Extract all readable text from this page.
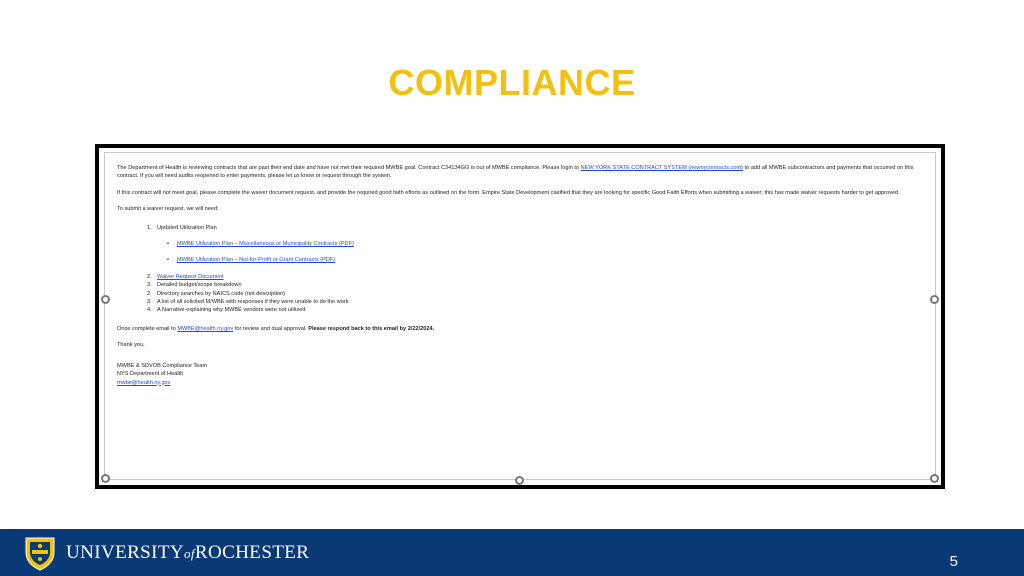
COMPLIANCE

The Department of Health is reviewing contracts that are past their end date and have not met their required MWBE goal. Contract C34134GG is out of MWBE compliance. Please login to NEW YORK STATE CONTRACT SYSTEM (newnycontracts.com) to add all MWBE subcontractors and payments that occurred on this contract. If you will need audits reopened to enter payments, please let us know or request through the system.

If this contract will not meet goal, please complete the waiver document request, and provide the required good faith efforts as outlined on the form. Empire State Development clarified that they are looking for specific Good Faith Efforts when submitting a waiver; this has made waiver requests harder to get approved.

To submit a waiver request, we will need:

1. Updated Utilization Plan
•	MWBE Utilization Plan – Miscellaneous or Municipality Contracts (PDF)
•	MWBE Utilization Plan – Not-for-Profit or Grant Contracts (PDF)
2. Waiver Request Document
3. Detailed budget/scope breakdown
2. Directory searches by NAICS code (not description)
3. A list of all solicited M/WBE with responses if they were unable to do the work
4. A Narrative explaining why MWBE vendors were not utilized

Once complete email to MWBE@health.ny.gov for review and dual approval. Please respond back to this email by 2/22/2024.

Thank you,

MWBE & SDVOB Compliance Team

NYS Department of Health

mwbe@health.ny.gov

UNIVERSITYofROCHESTER	5
